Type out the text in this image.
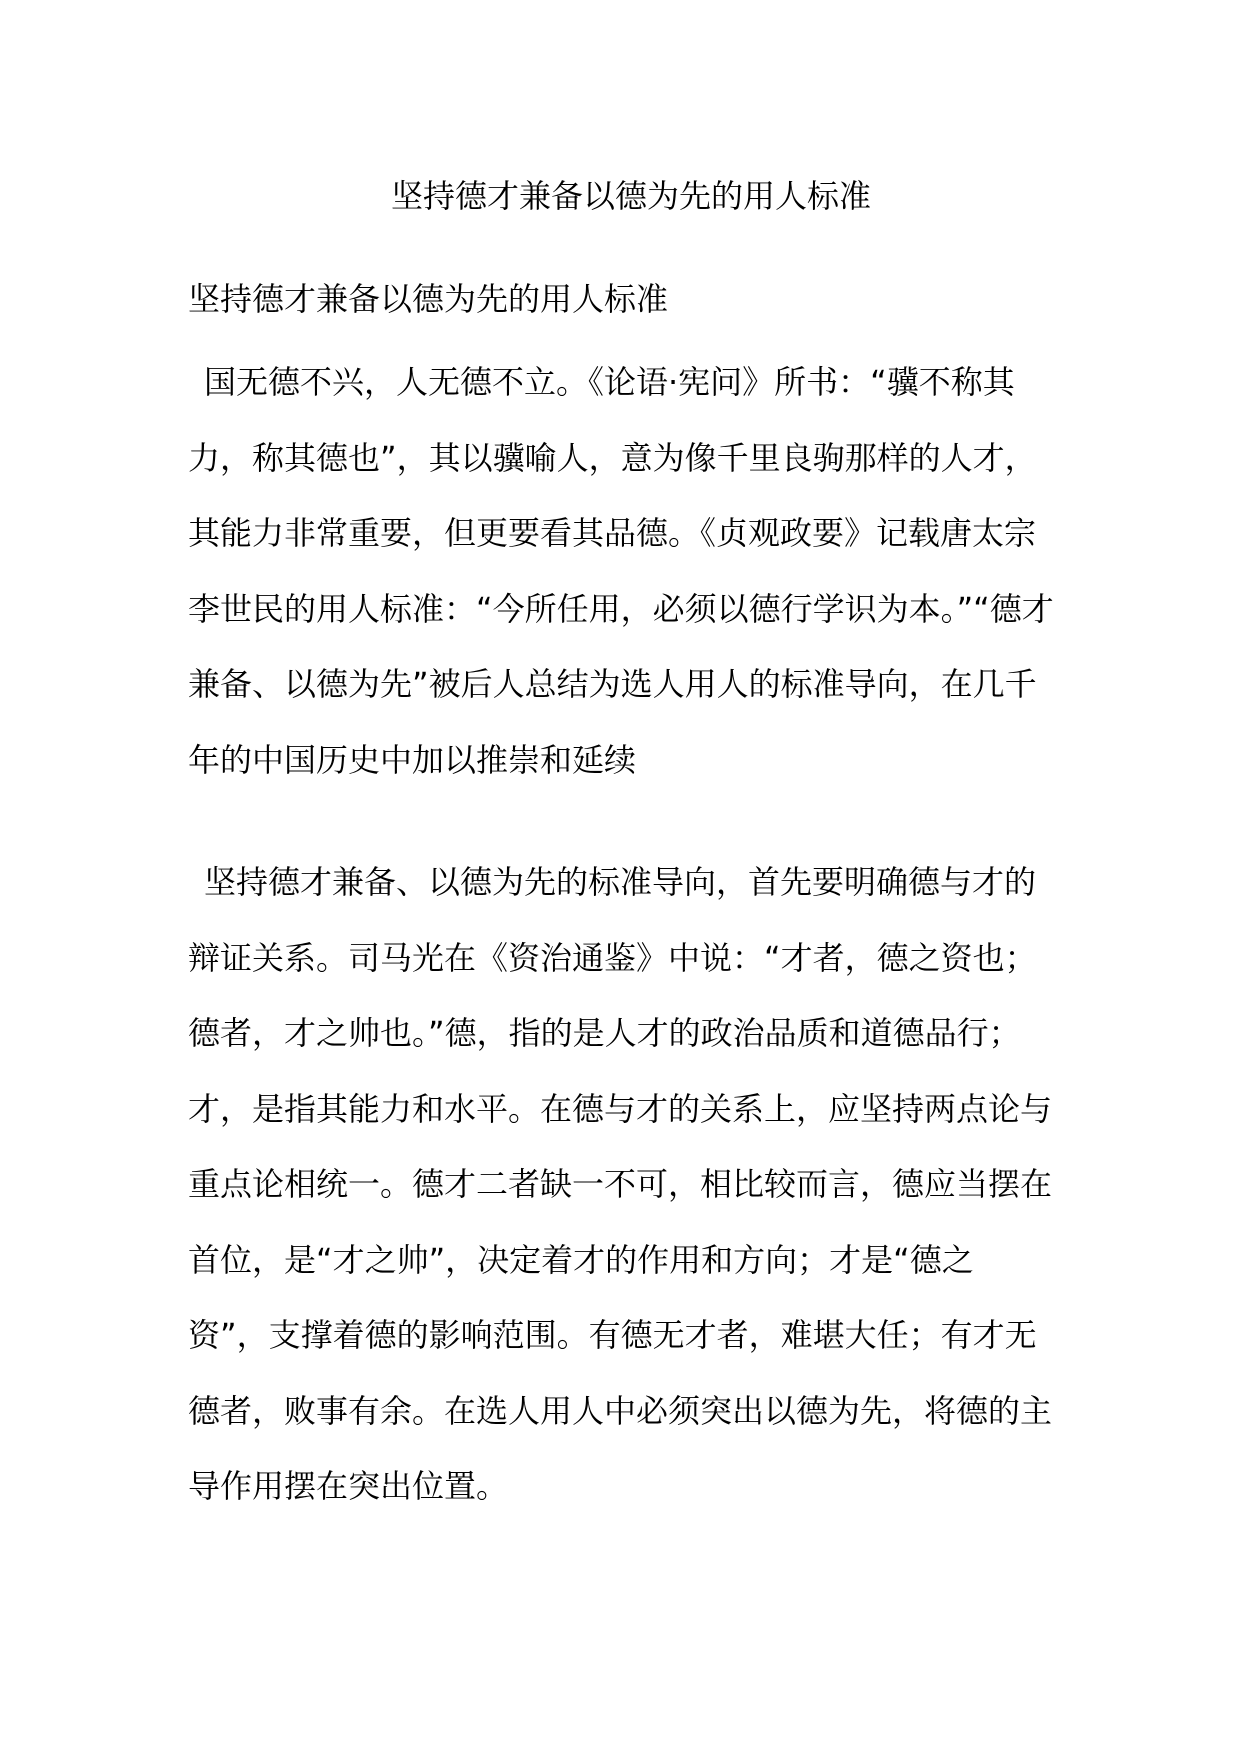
坚持德才兼备以德为先的用人标准
坚持德才兼备以德为先的用人标准
国无德不兴，人无德不立。《论语·宪问》所书：“骥不称其力，称其德也”，其以骥喻人，意为像千里良驹那样的人才，其能力非常重要，但更要看其品德。《贞观政要》记载唐太宗李世民的用人标准：“今所任用，必须以德行学识为本。”“德才兼备、以德为先”被后人总结为选人用人的标准导向，在几千年的中国历史中加以推崇和延续
坚持德才兼备、以德为先的标准导向，首先要明确德与才的辩证关系。司马光在《资治通鉴》中说：“才者，德之资也；德者，才之帅也。”德，指的是人才的政治品质和道德品行；才，是指其能力和水平。在德与才的关系上，应坚持两点论与重点论相统一。德才二者缺一不可，相比较而言，德应当摆在首位，是“才之帅”，决定着才的作用和方向；才是“德之资”，支撑着德的影响范围。有德无才者，难堪大任；有才无德者，败事有余。在选人用人中必须突出以德为先，将德的主导作用摆在突出位置。
